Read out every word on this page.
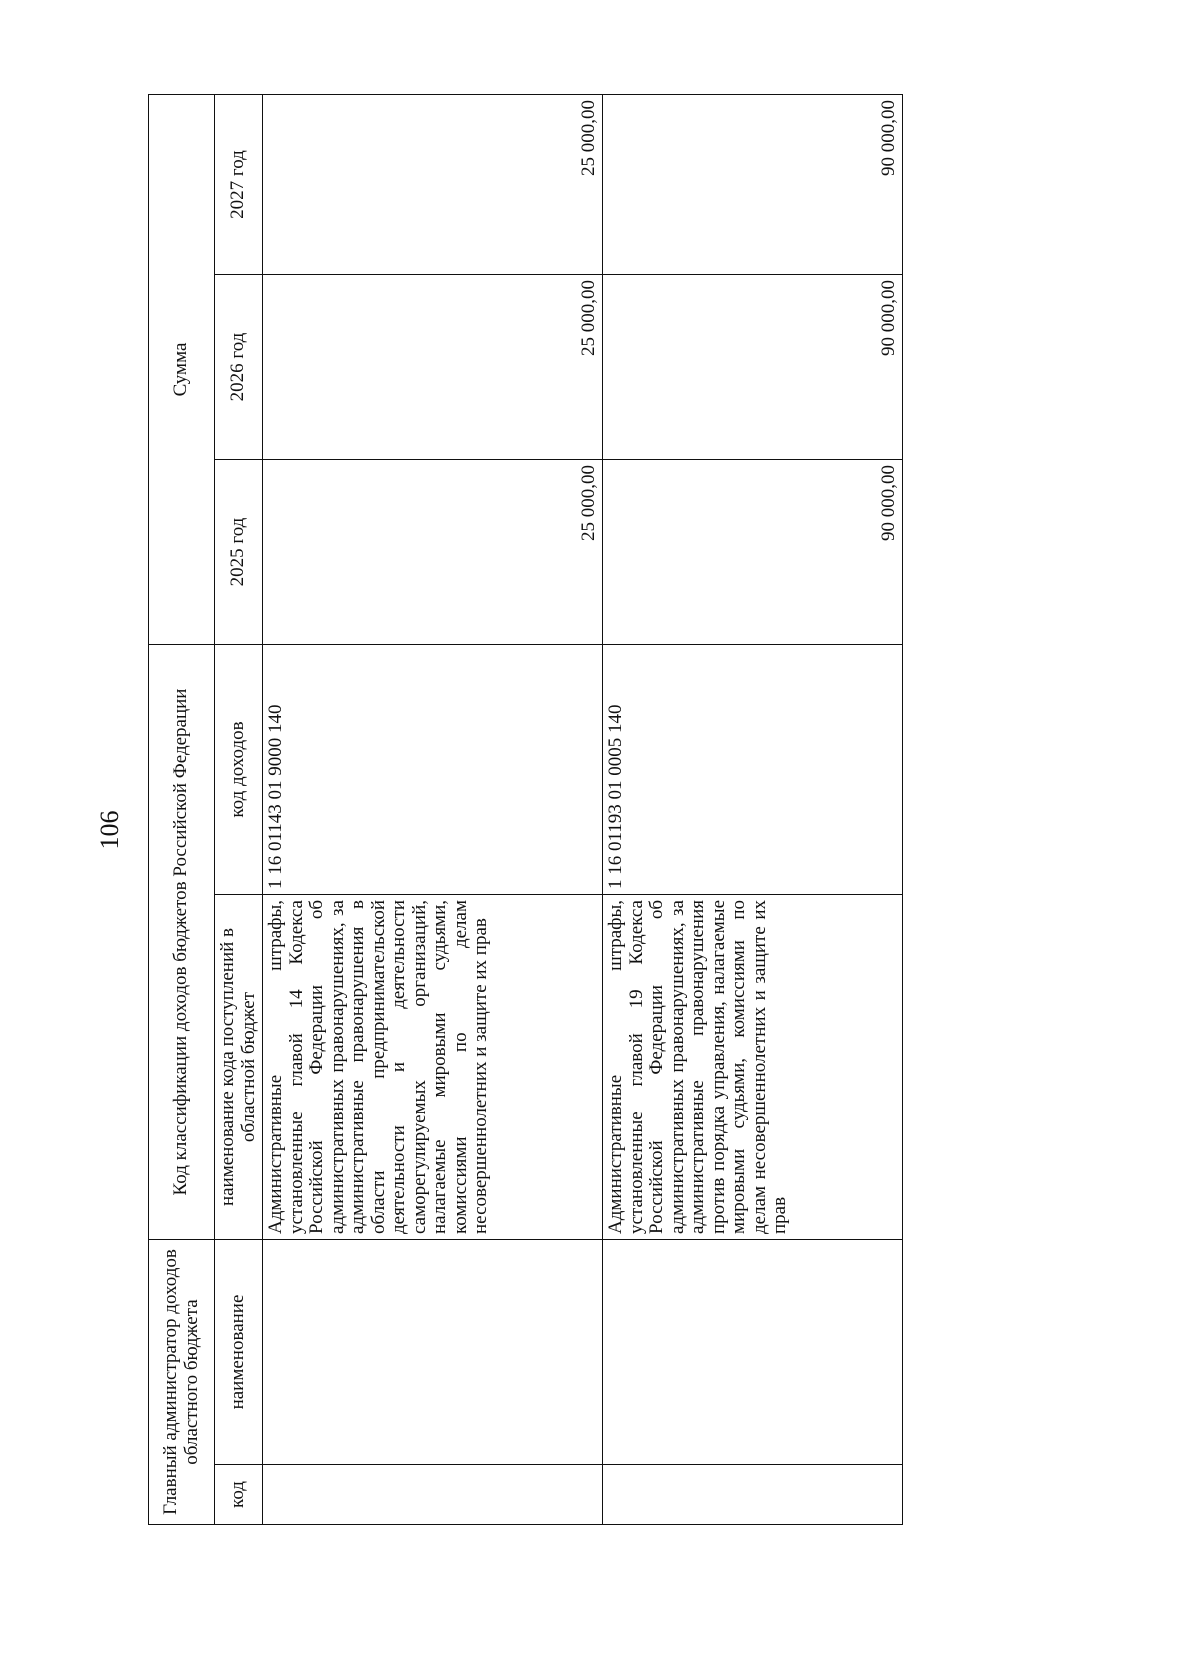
106
Главный администратор доходов областного бюджета		Код классификации доходов бюджетов Российской Федерации		Сумма		
код	наименование	наименование кода поступлений в областной бюджет	код доходов	2025 год	2026 год	2027 год
		Административные штрафы, установленные главой 14 Кодекса Российской Федерации об административных правонарушениях, за административные правонарушения в области предпринимательской деятельности и деятельности саморегулируемых организаций, налагаемые мировыми судьями, комиссиями по делам несовершеннолетних и защите их прав	1 16 01143 01 9000 140	25 000,00	25 000,00	25 000,00
		Административные штрафы, установленные главой 19 Кодекса Российской Федерации об административных правонарушениях, за административные правонарушения против порядка управления, налагаемые мировыми судьями, комиссиями по делам несовершеннолетних и защите их прав	1 16 01193 01 0005 140	90 000,00	90 000,00	90 000,00
